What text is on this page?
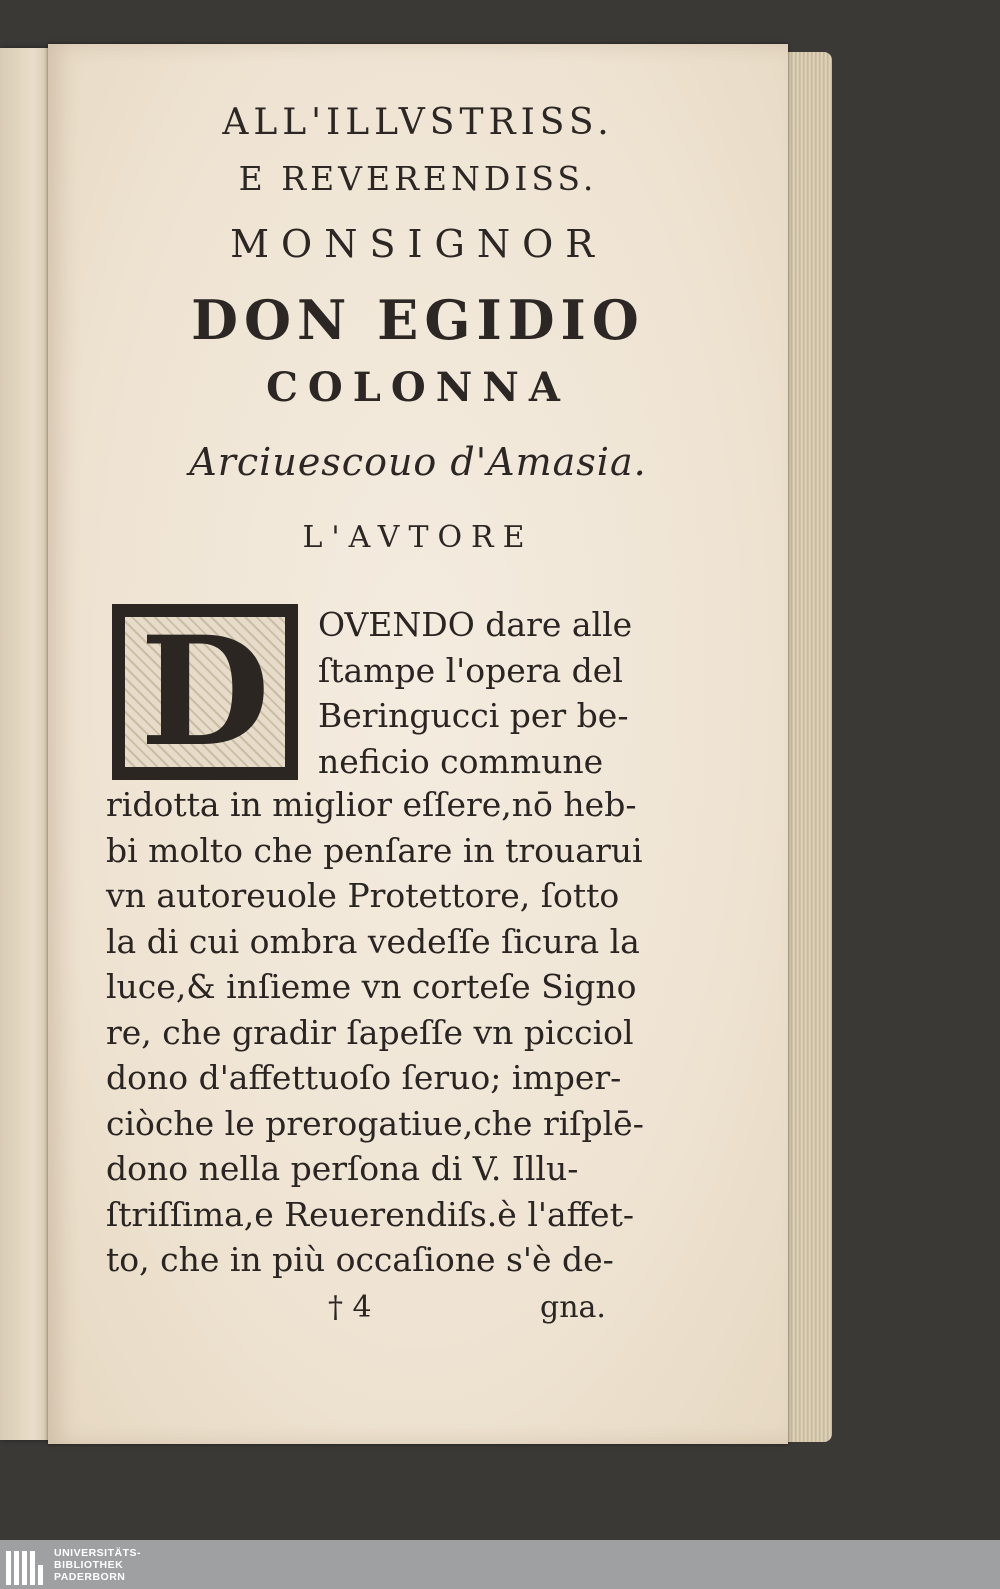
ALL'ILLVSTRISS.
E REVERENDISS.
MONSIGNOR
DON EGIDIO
COLONNA
Arciuescouo d'Amasia.
L'AVTORE
D OVENDO dare alle
ſtampe l'opera del
Beringucci per be-
neficio commune
ridotta in miglior eſſere,nō heb-
bi molto che penſare in trouarui
vn autoreuole Protettore, ſotto
la di cui ombra vedeſſe ſicura la
luce,& inſieme vn corteſe Signo
re, che gradir ſapeſſe vn picciol
dono d'affettuoſo ſeruo; imper-
ciòche le prerogatiue,che riſplē-
dono nella perſona di V. Illu-
ſtriſſima,e Reuerendiſs.è l'affet-
to, che in più occaſione s'è de-
† 4	gna.
UNIVERSITÄTS-
BIBLIOTHEK
PADERBORN
